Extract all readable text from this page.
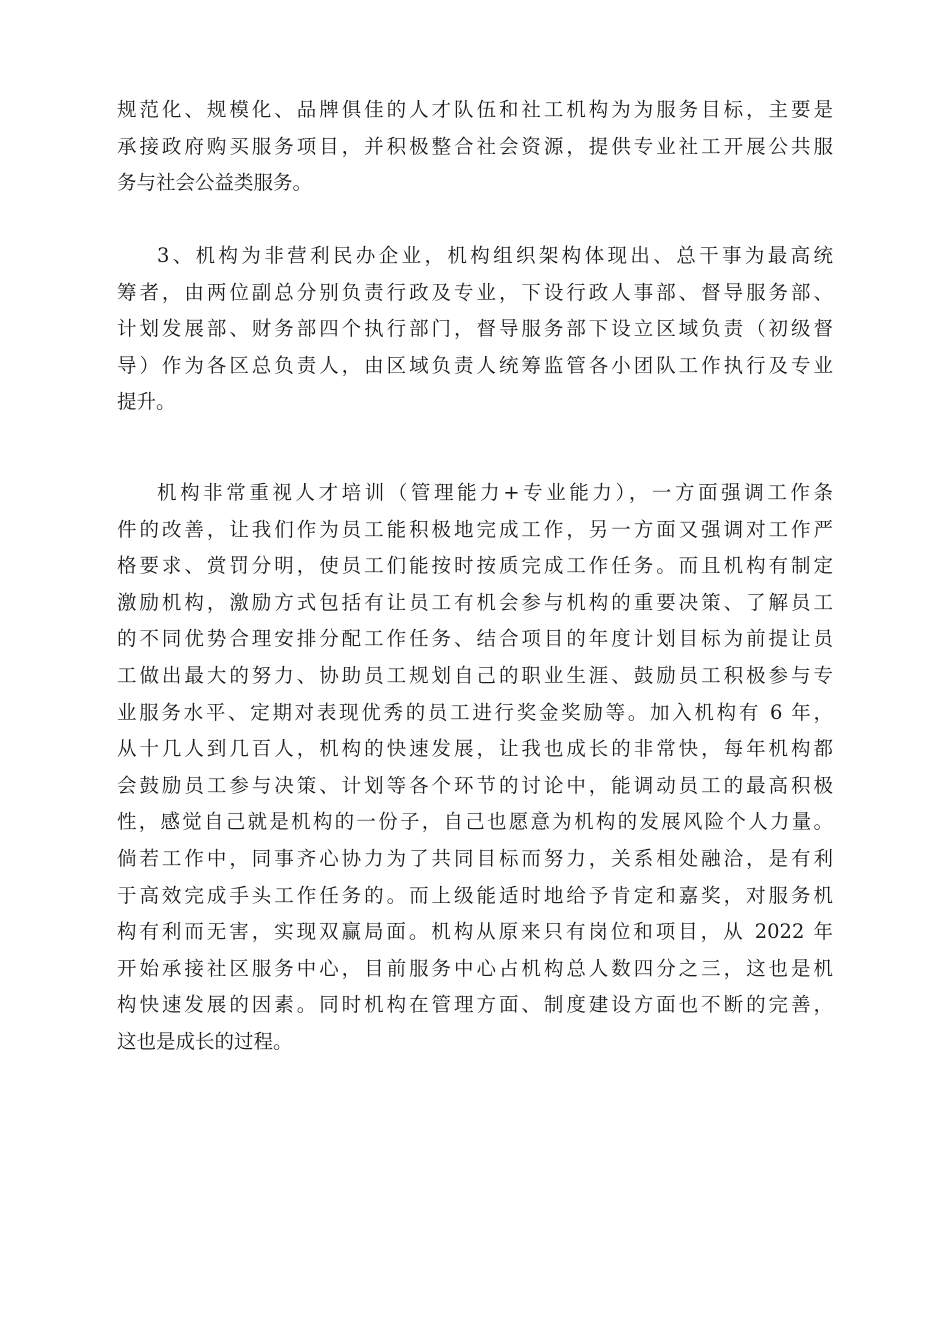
规范化、规模化、品牌俱佳的人才队伍和社工机构为为服务目标，主要是
承接政府购买服务项目，并积极整合社会资源，提供专业社工开展公共服
务与社会公益类服务。
3、机构为非营利民办企业，机构组织架构体现出、总干事为最高统
筹者，由两位副总分别负责行政及专业，下设行政人事部、督导服务部、
计划发展部、财务部四个执行部门，督导服务部下设立区域负责（初级督
导）作为各区总负责人，由区域负责人统筹监管各小团队工作执行及专业
提升。
机构非常重视人才培训（管理能力+专业能力），一方面强调工作条
件的改善，让我们作为员工能积极地完成工作，另一方面又强调对工作严
格要求、赏罚分明，使员工们能按时按质完成工作任务。而且机构有制定
激励机构，激励方式包括有让员工有机会参与机构的重要决策、了解员工
的不同优势合理安排分配工作任务、结合项目的年度计划目标为前提让员
工做出最大的努力、协助员工规划自己的职业生涯、鼓励员工积极参与专
业服务水平、定期对表现优秀的员工进行奖金奖励等。加入机构有 6 年，
从十几人到几百人，机构的快速发展，让我也成长的非常快，每年机构都
会鼓励员工参与决策、计划等各个环节的讨论中，能调动员工的最高积极
性，感觉自己就是机构的一份子，自己也愿意为机构的发展风险个人力量。
倘若工作中，同事齐心协力为了共同目标而努力，关系相处融洽，是有利
于高效完成手头工作任务的。而上级能适时地给予肯定和嘉奖，对服务机
构有利而无害，实现双赢局面。机构从原来只有岗位和项目，从 2022 年
开始承接社区服务中心，目前服务中心占机构总人数四分之三，这也是机
构快速发展的因素。同时机构在管理方面、制度建设方面也不断的完善，
这也是成长的过程。
